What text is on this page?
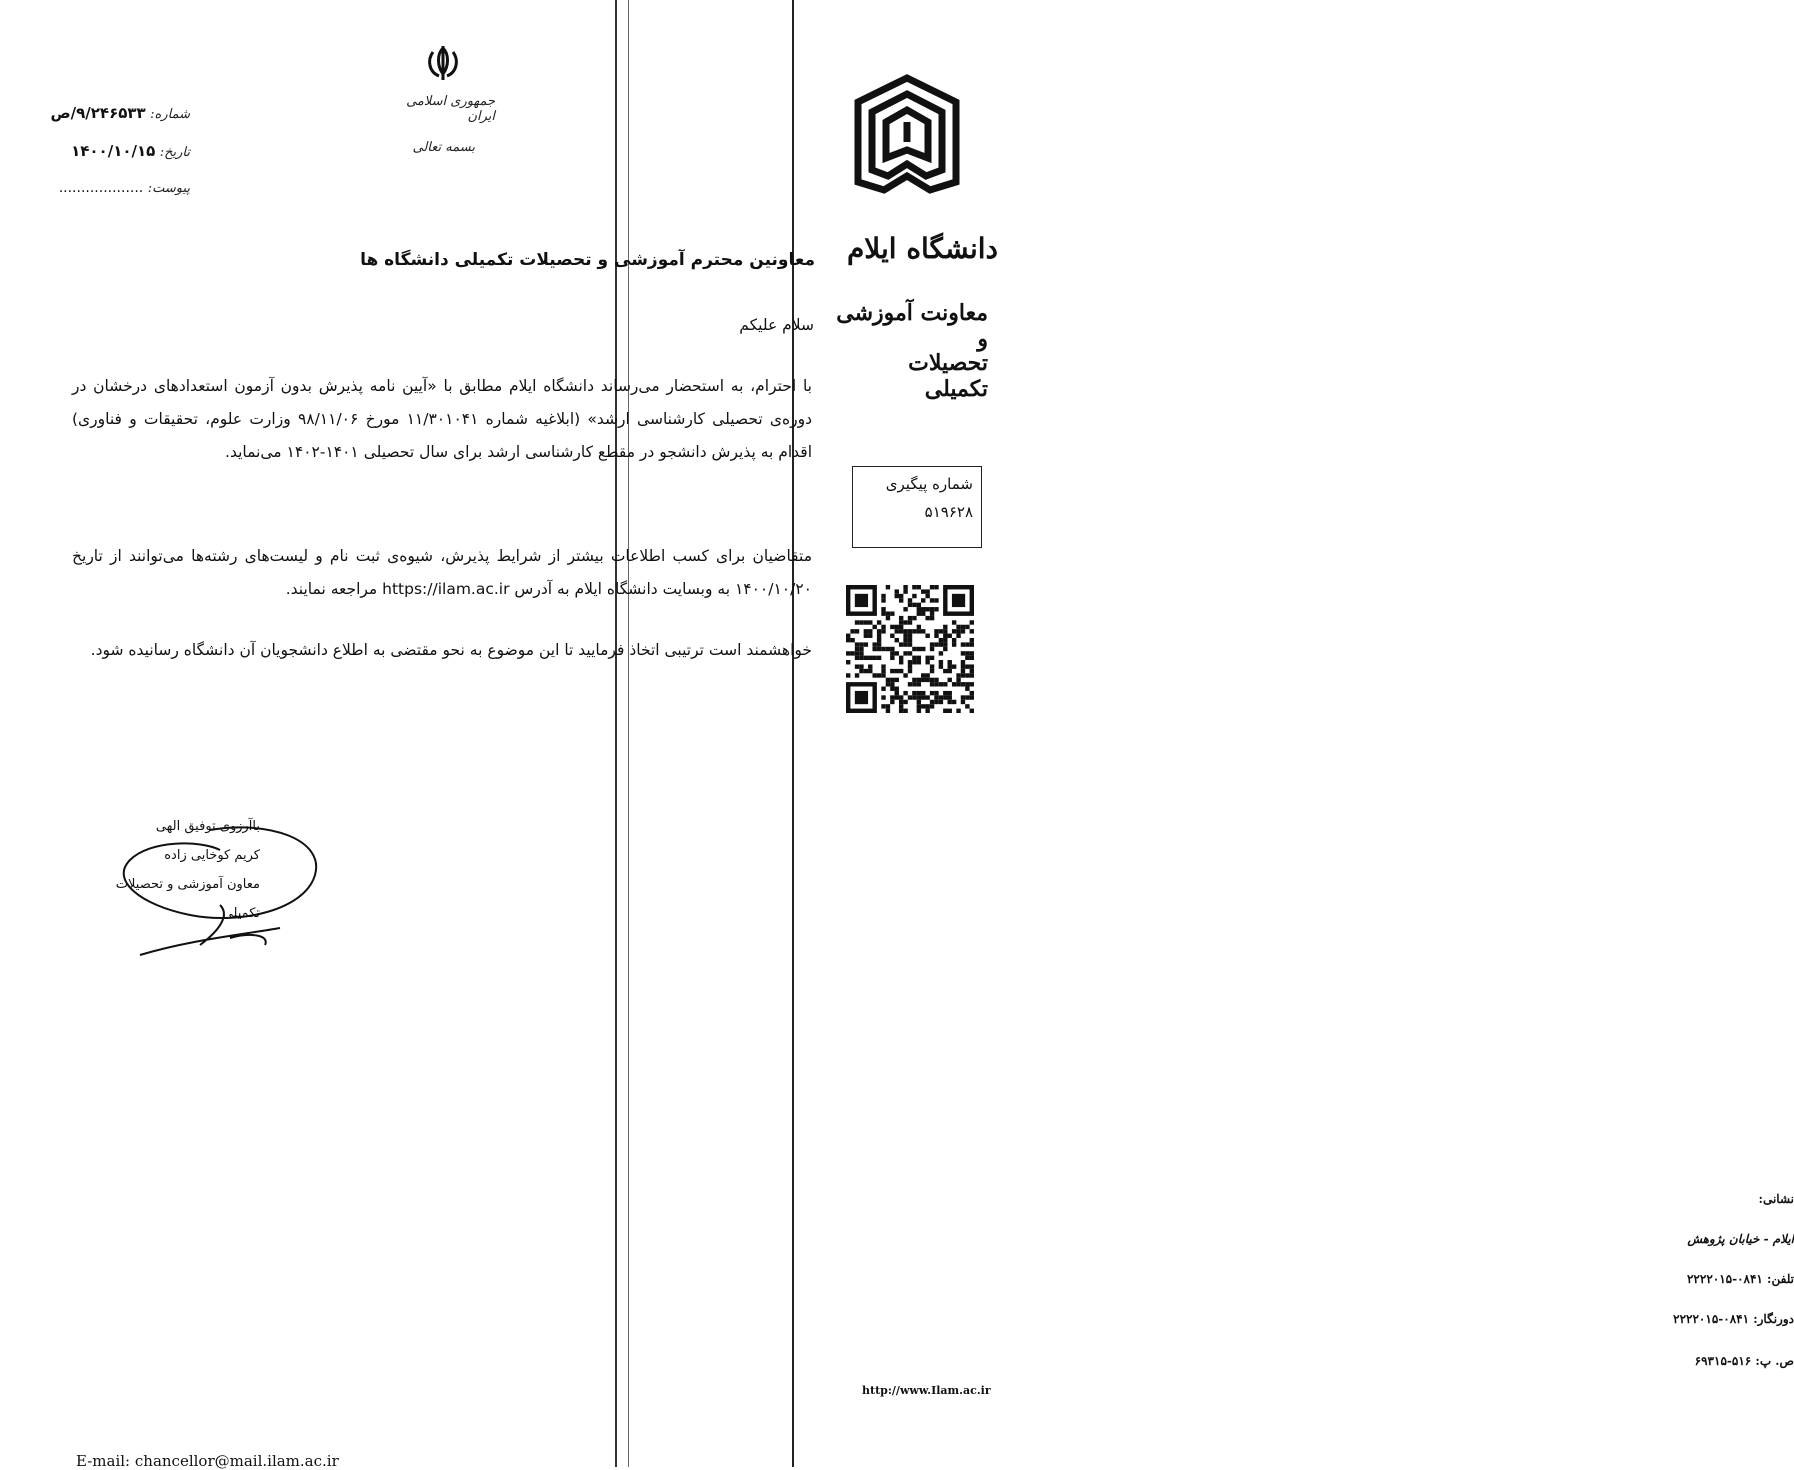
جمهوری اسلامی ایران
بسمه تعالی
شماره: ۹/۲۴۶۵۳۳/ص
تاریخ: ۱۴۰۰/۱۰/۱۵
پیوست: ...................
معاونین محترم آموزشی و تحصیلات تکمیلی دانشگاه ها
سلام علیکم
با احترام، به استحضار می‌رساند دانشگاه ایلام مطابق با «آیین نامه پذیرش بدون آزمون استعدادهای درخشان در دوره‌ی تحصیلی کارشناسی ارشد» (ابلاغیه شماره ۱۱/۳۰۱۰۴۱ مورخ ۹۸/۱۱/۰۶ وزارت علوم، تحقیقات و فناوری) اقدام به پذیرش دانشجو در مقطع کارشناسی ارشد برای سال تحصیلی ۱۴۰۱-۱۴۰۲ می‌نماید.
متقاضیان برای کسب اطلاعات بیشتر از شرایط پذیرش، شیوه‌ی ثبت نام و لیست‌های رشته‌ها می‌توانند از تاریخ ۱۴۰۰/۱۰/۲۰ به وبسایت دانشگاه ایلام به آدرس https://ilam.ac.ir مراجعه نمایند.
خواهشمند است ترتیبی اتخاذ فرمایید تا این موضوع به نحو مقتضی به اطلاع دانشجویان آن دانشگاه رسانیده شود.
باآرزوی توفیق الهی
کریم کوخایی زاده
معاون آموزشی و تحصیلات تکمیلی
E-mail: chancellor@mail.ilam.ac.ir
دانشگاه ایلام
معاونت آموزشی و
تحصیلات تکمیلی
شماره پیگیری
۵۱۹۶۲۸
نشانی:
ایلام - خیابان پژوهش
تلفن: ۰۸۴۱-۲۲۲۲۰۱۵
دورنگار: ۰۸۴۱-۲۲۲۲۰۱۵
ص. پ: ۵۱۶-۶۹۳۱۵
http://www.Ilam.ac.ir
